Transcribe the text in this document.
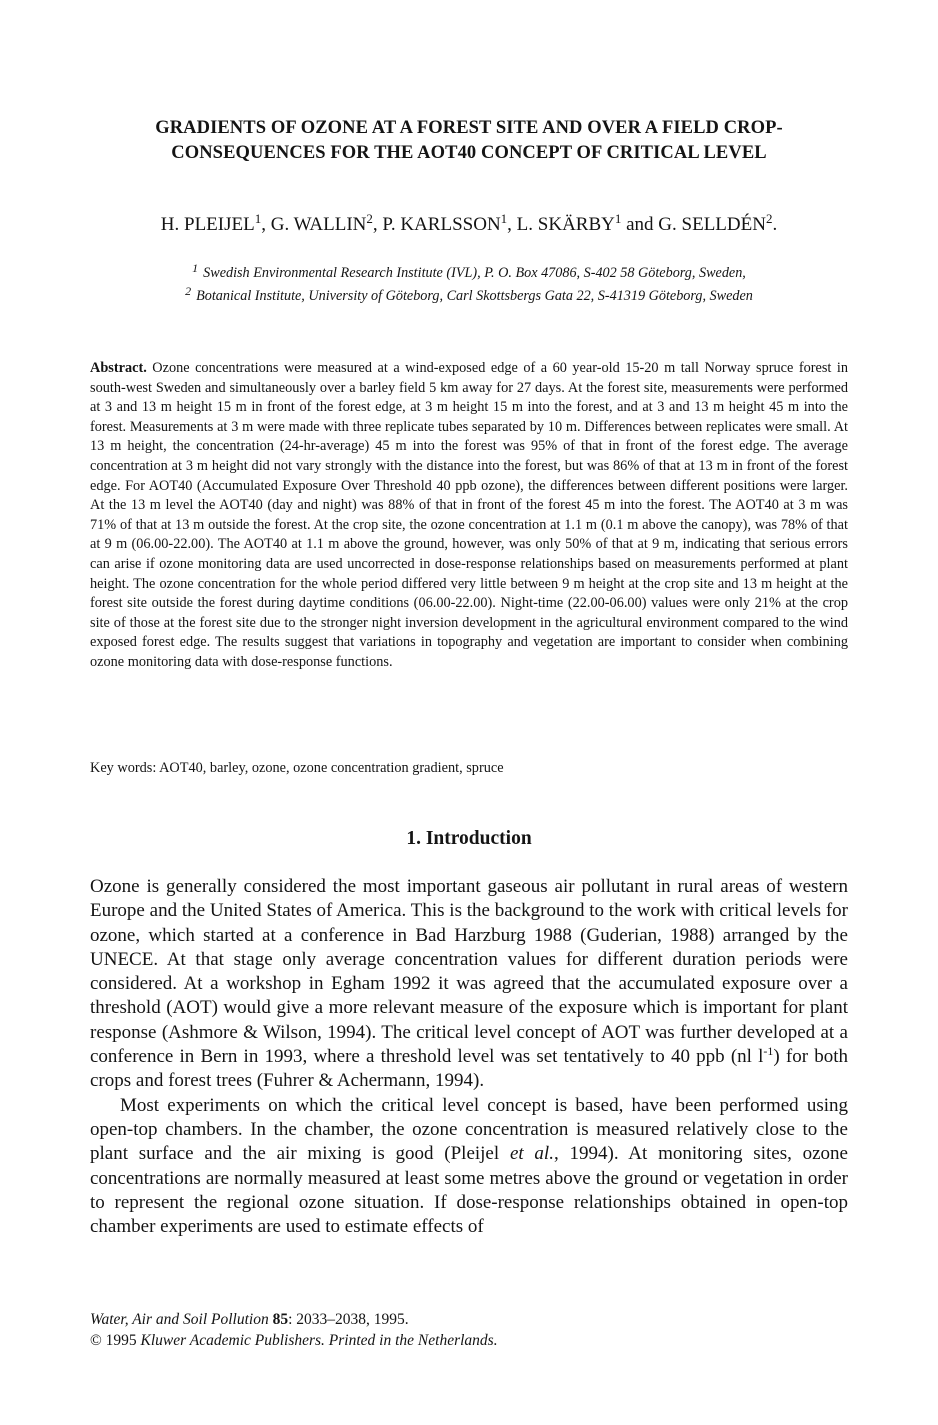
GRADIENTS OF OZONE AT A FOREST SITE AND OVER A FIELD CROP-
CONSEQUENCES FOR THE AOT40 CONCEPT OF CRITICAL LEVEL
H. PLEIJEL$^1$, G. WALLIN$^2$, P. KARLSSON$^1$, L. SKÄRBY$^1$ and G. SELLDÉN$^2$.
$^1$ Swedish Environmental Research Institute (IVL), P. O. Box 47086, S-402 58 Göteborg, Sweden,
$^2$ Botanical Institute, University of Göteborg, Carl Skottsbergs Gata 22, S-41319 Göteborg, Sweden
Abstract. Ozone concentrations were measured at a wind-exposed edge of a 60 year-old 15-20 m tall Norway spruce forest in south-west Sweden and simultaneously over a barley field 5 km away for 27 days. At the forest site, measurements were performed at 3 and 13 m height 15 m in front of the forest edge, at 3 m height 15 m into the forest, and at 3 and 13 m height 45 m into the forest. Measurements at 3 m were made with three replicate tubes separated by 10 m. Differences between replicates were small. At 13 m height, the concentration (24-hr-average) 45 m into the forest was 95% of that in front of the forest edge. The average concentration at 3 m height did not vary strongly with the distance into the forest, but was 86% of that at 13 m in front of the forest edge. For AOT40 (Accumulated Exposure Over Threshold 40 ppb ozone), the differences between different positions were larger. At the 13 m level the AOT40 (day and night) was 88% of that in front of the forest 45 m into the forest. The AOT40 at 3 m was 71% of that at 13 m outside the forest. At the crop site, the ozone concentration at 1.1 m (0.1 m above the canopy), was 78% of that at 9 m (06.00-22.00). The AOT40 at 1.1 m above the ground, however, was only 50% of that at 9 m, indicating that serious errors can arise if ozone monitoring data are used uncorrected in dose-response relationships based on measurements performed at plant height. The ozone concentration for the whole period differed very little between 9 m height at the crop site and 13 m height at the forest site outside the forest during daytime conditions (06.00-22.00). Night-time (22.00-06.00) values were only 21% at the crop site of those at the forest site due to the stronger night inversion development in the agricultural environment compared to the wind exposed forest edge. The results suggest that variations in topography and vegetation are important to consider when combining ozone monitoring data with dose-response functions.
Key words: AOT40, barley, ozone, ozone concentration gradient, spruce
1. Introduction

Ozone is generally considered the most important gaseous air pollutant in rural areas of western Europe and the United States of America. This is the background to the work with critical levels for ozone, which started at a conference in Bad Harzburg 1988 (Guderian, 1988) arranged by the UNECE. At that stage only average concentration values for different duration periods were considered. At a workshop in Egham 1992 it was agreed that the accumulated exposure over a threshold (AOT) would give a more relevant measure of the exposure which is important for plant response (Ashmore & Wilson, 1994). The critical level concept of AOT was further developed at a conference in Bern in 1993, where a threshold level was set tentatively to 40 ppb (nl $l^{-1}$) for both crops and forest trees (Fuhrer & Achermann, 1994).

Most experiments on which the critical level concept is based, have been performed using open-top chambers. In the chamber, the ozone concentration is measured relatively close to the plant surface and the air mixing is good (Pleijel et al., 1994). At monitoring sites, ozone concentrations are normally measured at least some metres above the ground or vegetation in order to represent the regional ozone situation. If dose-response relationships obtained in open-top chamber experiments are used to estimate effects of

Water, Air and Soil Pollution 85: 2033–2038, 1995.
© 1995 Kluwer Academic Publishers. Printed in the Netherlands.
